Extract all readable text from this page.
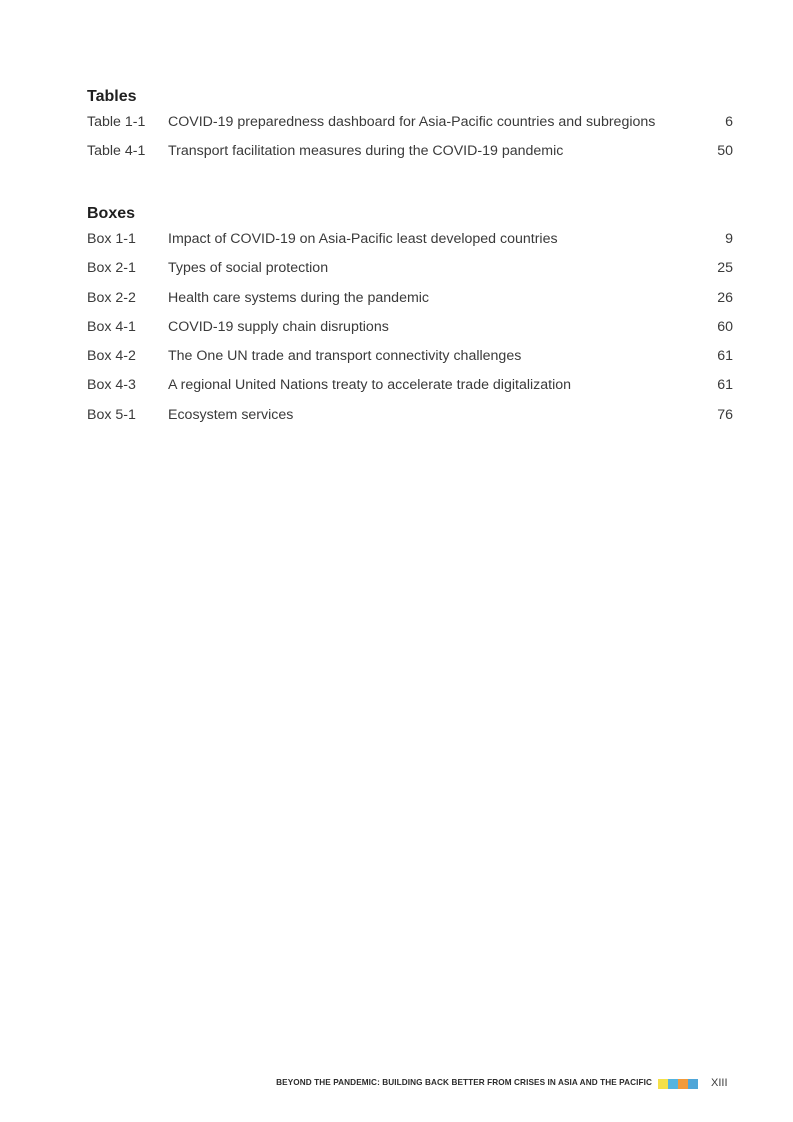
Tables
Table 1-1 COVID-19 preparedness dashboard for Asia-Pacific countries and subregions	6
Table 4-1 Transport facilitation measures during the COVID-19 pandemic	50
Boxes
Box 1-1 Impact of COVID-19 on Asia-Pacific least developed countries	9
Box 2-1 Types of social protection	25
Box 2-2 Health care systems during the pandemic	26
Box 4-1 COVID-19 supply chain disruptions	60
Box 4-2 The One UN trade and transport connectivity challenges	61
Box 4-3 A regional United Nations treaty to accelerate trade digitalization	61
Box 5-1 Ecosystem services	76
BEYOND THE PANDEMIC: BUILDING BACK BETTER FROM CRISES IN ASIA AND THE PACIFIC	XIII
